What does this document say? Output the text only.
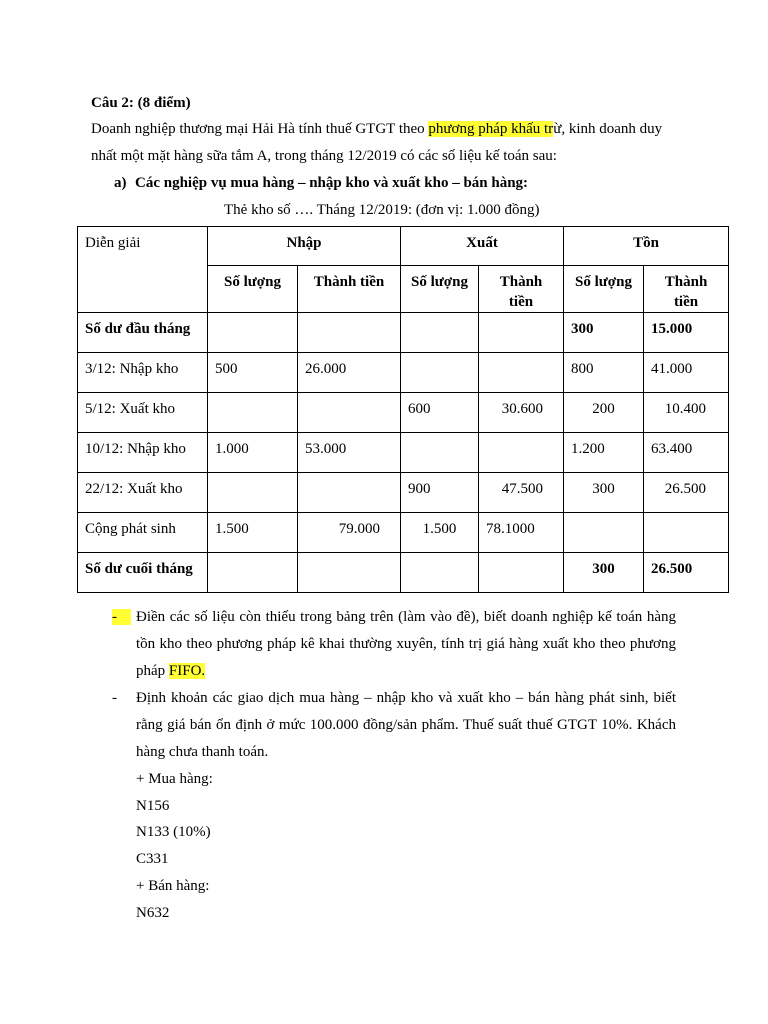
Câu 2: (8 điểm)
Doanh nghiệp thương mại Hải Hà tính thuế GTGT theo phương pháp khấu trừ, kinh doanh duy
nhất một mặt hàng sữa tắm A, trong tháng 12/2019 có các số liệu kế toán sau:
a) Các nghiệp vụ mua hàng – nhập kho và xuất kho – bán hàng:
Thẻ kho số …. Tháng 12/2019: (đơn vị: 1.000 đồng)
Diễn giải	Nhập		Xuất		Tồn	
	Số lượng	Thành tiền	Số lượng	Thành tiền	Số lượng	Thành tiền
Số dư đầu tháng					300	15.000
3/12: Nhập kho	500	26.000			800	41.000
5/12: Xuất kho			600	30.600	200	10.400
10/12: Nhập kho	1.000	53.000			1.200	63.400
22/12: Xuất kho			900	47.500	300	26.500
Cộng phát sinh	1.500	79.000	1.500	78.1000		
Số dư cuối tháng					300	26.500
-	Điền các số liệu còn thiếu trong bảng trên (làm vào đề), biết doanh nghiệp kế toán hàng
tồn kho theo phương pháp kê khai thường xuyên, tính trị giá hàng xuất kho theo phương
pháp FIFO.
- Định khoản các giao dịch mua hàng – nhập kho và xuất kho – bán hàng phát sinh, biết
rằng giá bán ổn định ở mức 100.000 đồng/sản phẩm. Thuế suất thuế GTGT 10%. Khách
hàng chưa thanh toán.
+ Mua hàng:
N156
N133 (10%)
C331
+ Bán hàng:
N632
